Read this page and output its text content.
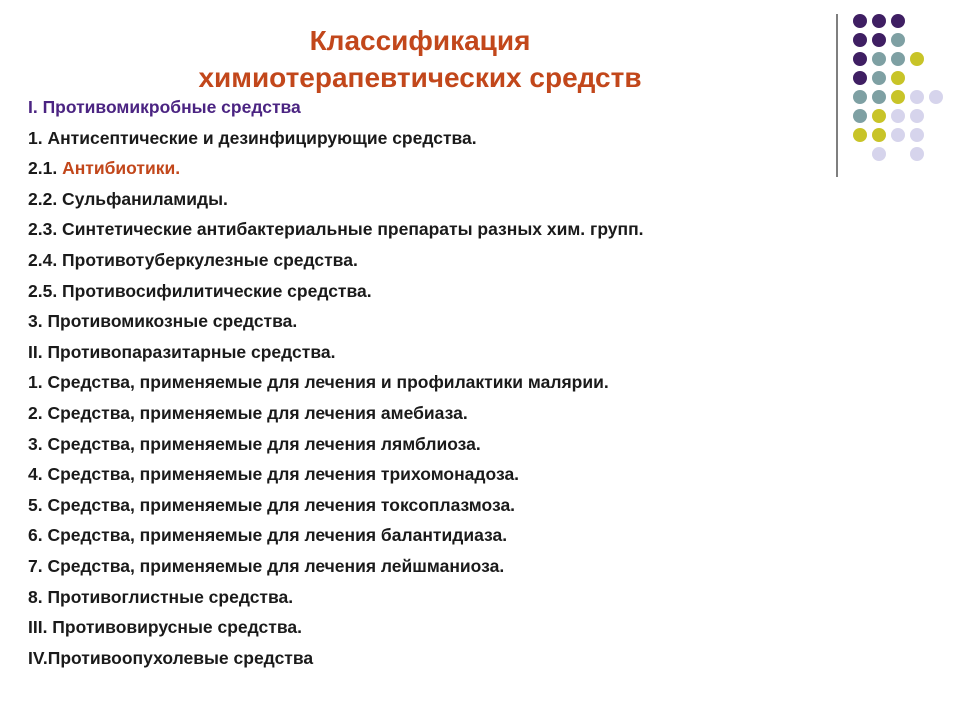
Классификация
химиотерапевтических средств
I. Противомикробные средства
1. Антисептические и дезинфицирующие средства.
2.1. Антибиотики.
2.2. Сульфаниламиды.
2.3. Синтетические антибактериальные препараты разных хим. групп.
2.4. Противотуберкулезные средства.
2.5. Противосифилитические средства.
3. Противомикозные средства.
II. Противопаразитарные средства.
1. Средства, применяемые для лечения и профилактики малярии.
2. Средства, применяемые для лечения амебиаза.
3. Средства, применяемые для лечения лямблиоза.
4. Средства, применяемые для лечения трихомонадоза.
5. Средства, применяемые для лечения токсоплазмоза.
6. Средства, применяемые для лечения балантидиаза.
7. Средства, применяемые для лечения лейшманиоза.
8. Противоглистные средства.
III. Противовирусные средства.
IV.Противоопухолевые средства
